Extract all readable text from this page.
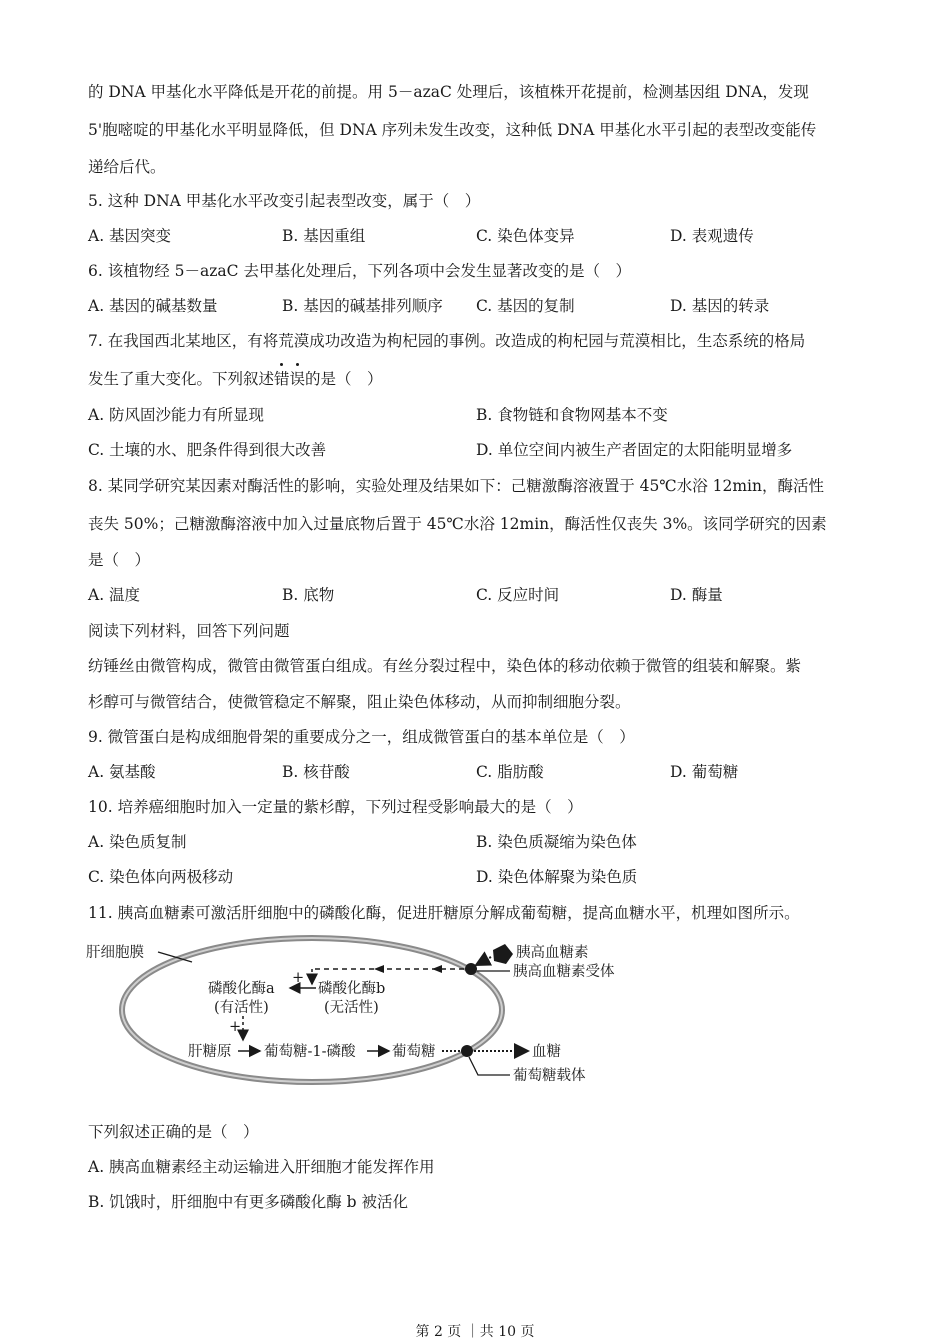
的 DNA 甲基化水平降低是开花的前提。用 5－azaC 处理后，该植株开花提前，检测基因组 DNA，发现
5'胞嘧啶的甲基化水平明显降低，但 DNA 序列未发生改变，这种低 DNA 甲基化水平引起的表型改变能传
递给后代。
5. 这种 DNA 甲基化水平改变引起表型改变，属于（　）
A. 基因突变	B. 基因重组	C. 染色体变异	D. 表观遗传
6. 该植物经 5－azaC 去甲基化处理后，下列各项中会发生显著改变的是（　）
A. 基因的碱基数量	B. 基因的碱基排列顺序 C. 基因的复制	D. 基因的转录
7. 在我国西北某地区，有将荒漠成功改造为枸杞园的事例。改造成的枸杞园与荒漠相比，生态系统的格局
发生了重大变化。下列叙述
错
误的是（　）
A. 防风固沙能力有所显现	B. 食物链和食物网基本不变
C. 土壤的水、肥条件得到很大改善	D. 单位空间内被生产者固定的太阳能明显增多
8. 某同学研究某因素对酶活性的影响，实验处理及结果如下：己糖激酶溶液置于 45℃水浴 12min，酶活性
丧失 50%；己糖激酶溶液中加入过量底物后置于 45℃水浴 12min，酶活性仅丧失 3%。该同学研究的因素
是（　）
A. 温度	B. 底物	C. 反应时间	D. 酶量
阅读下列材料，回答下列问题
纺锤丝由微管构成，微管由微管蛋白组成。有丝分裂过程中，染色体的移动依赖于微管的组装和解聚。紫
杉醇可与微管结合，使微管稳定不解聚，阻止染色体移动，从而抑制细胞分裂。
9. 微管蛋白是构成细胞骨架的重要成分之一，组成微管蛋白的基本单位是（　）
A. 氨基酸	B. 核苷酸	C. 脂肪酸	D. 葡萄糖
10. 培养癌细胞时加入一定量的紫杉醇，下列过程受影响最大的是（　）
A. 染色质复制	B. 染色质凝缩为染色体
C. 染色体向两极移动	D. 染色体解聚为染色质
11. 胰高血糖素可激活肝细胞中的磷酸化酶，促进肝糖原分解成葡萄糖，提高血糖水平，机理如图所示。
肝细胞膜	胰高血糖素
胰高血糖素受体
+
磷酸化酶a
(有活性)
磷酸化酶b
(无活性)
+
肝糖原 葡萄糖-1-磷酸	葡萄糖	血糖
葡萄糖载体
下列叙述正确的是（　）
A. 胰高血糖素经主动运输进入肝细胞才能发挥作用
B. 饥饿时，肝细胞中有更多磷酸化酶 b 被活化
第 2 页 ｜共 10 页
